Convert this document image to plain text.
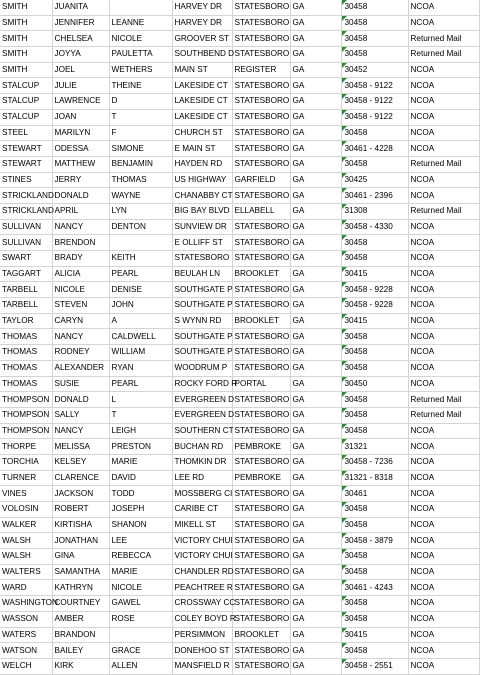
SMITH	JUANITA		HARVEY DR	STATESBORO	GA	30458	NCOA
SMITH	JENNIFER	LEANNE	HARVEY DR	STATESBORO	GA	30458	NCOA
SMITH	CHELSEA	NICOLE	GROOVER ST	STATESBORO	GA	30458	Returned Mail
SMITH	JOYYA	PAULETTA	SOUTHBEND D	STATESBORO	GA	30458	Returned Mail
SMITH	JOEL	WETHERS	MAIN ST	REGISTER	GA	30452	NCOA
STALCUP	JULIE	THEINE	LAKESIDE CT	STATESBORO	GA	30458 - 9122	NCOA
STALCUP	LAWRENCE	D	LAKESIDE CT	STATESBORO	GA	30458 - 9122	NCOA
STALCUP	JOAN	T	LAKESIDE CT	STATESBORO	GA	30458 - 9122	NCOA
STEEL	MARILYN	F	CHURCH ST	STATESBORO	GA	30458	NCOA
STEWART	ODESSA	SIMONE	E MAIN ST	STATESBORO	GA	30461 - 4228	NCOA
STEWART	MATTHEW	BENJAMIN	HAYDEN RD	STATESBORO	GA	30458	Returned Mail
STINES	JERRY	THOMAS	US HIGHWAY	GARFIELD	GA	30425	NCOA
STRICKLAND	DONALD	WAYNE	CHANABBY CT	STATESBORO	GA	30461 - 2396	NCOA
STRICKLAND	APRIL	LYN	BIG BAY BLVD	ELLABELL	GA	31308	Returned Mail
SULLIVAN	NANCY	DENTON	SUNVIEW DR	STATESBORO	GA	30458 - 4330	NCOA
SULLIVAN	BRENDON		E OLLIFF ST	STATESBORO	GA	30458	NCOA
SWART	BRADY	KEITH	STATESBORO	STATESBORO	GA	30458	NCOA
TAGGART	ALICIA	PEARL	BEULAH LN	BROOKLET	GA	30415	NCOA
TARBELL	NICOLE	DENISE	SOUTHGATE P	STATESBORO	GA	30458 - 9228	NCOA
TARBELL	STEVEN	JOHN	SOUTHGATE P	STATESBORO	GA	30458 - 9228	NCOA
TAYLOR	CARYN	A	S WYNN RD	BROOKLET	GA	30415	NCOA
THOMAS	NANCY	CALDWELL	SOUTHGATE P	STATESBORO	GA	30458	NCOA
THOMAS	RODNEY	WILLIAM	SOUTHGATE P	STATESBORO	GA	30458	NCOA
THOMAS	ALEXANDER	RYAN	WOODRUM P	STATESBORO	GA	30458	NCOA
THOMAS	SUSIE	PEARL	ROCKY FORD R	PORTAL	GA	30450	NCOA
THOMPSON	DONALD	L	EVERGREEN D	STATESBORO	GA	30458	Returned Mail
THOMPSON	SALLY	T	EVERGREEN D	STATESBORO	GA	30458	Returned Mail
THOMPSON	NANCY	LEIGH	SOUTHERN CT	STATESBORO	GA	30458	NCOA
THORPE	MELISSA	PRESTON	BUCHAN RD	PEMBROKE	GA	31321	NCOA
TORCHIA	KELSEY	MARIE	THOMKIN DR	STATESBORO	GA	30458 - 7236	NCOA
TURNER	CLARENCE	DAVID	LEE RD	PEMBROKE	GA	31321 - 8318	NCOA
VINES	JACKSON	TODD	MOSSBERG CI	STATESBORO	GA	30461	NCOA
VOLOSIN	ROBERT	JOSEPH	CARIBE CT	STATESBORO	GA	30458	NCOA
WALKER	KIRTISHA	SHANON	MIKELL ST	STATESBORO	GA	30458	NCOA
WALSH	JONATHAN	LEE	VICTORY CHUI	STATESBORO	GA	30458 - 3879	NCOA
WALSH	GINA	REBECCA	VICTORY CHUI	STATESBORO	GA	30458	NCOA
WALTERS	SAMANTHA	MARIE	CHANDLER RD	STATESBORO	GA	30458	NCOA
WARD	KATHRYN	NICOLE	PEACHTREE R	STATESBORO	GA	30461 - 4243	NCOA
WASHINGTON	COURTNEY	GAWEL	CROSSWAY CC	STATESBORO	GA	30458	NCOA
WASSON	AMBER	ROSE	COLEY BOYD R	STATESBORO	GA	30458	NCOA
WATERS	BRANDON		PERSIMMON	BROOKLET	GA	30415	NCOA
WATSON	BAILEY	GRACE	DONEHOO ST	STATESBORO	GA	30458	NCOA
WELCH	KIRK	ALLEN	MANSFIELD R	STATESBORO	GA	30458 - 2551	NCOA
